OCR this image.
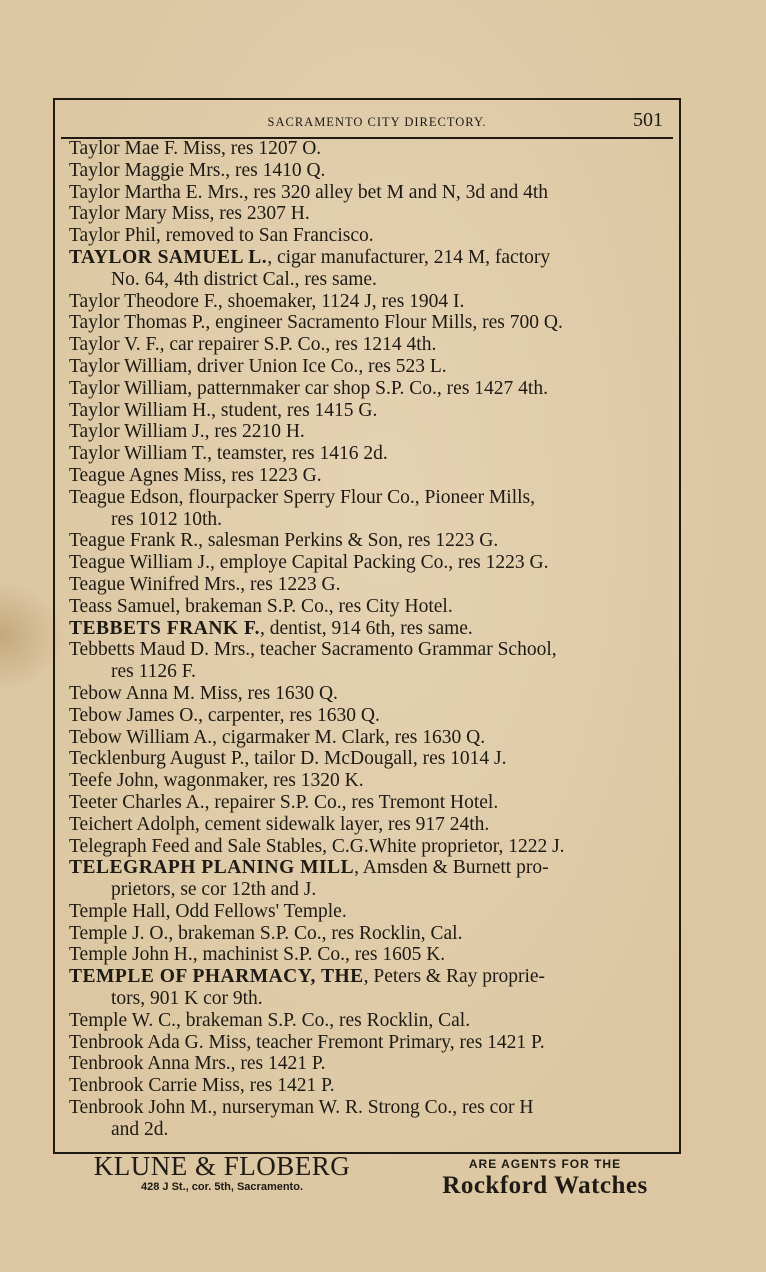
SACRAMENTO CITY DIRECTORY.	501
Taylor Mae F. Miss, res 1207 O.
Taylor Maggie Mrs., res 1410 Q.
Taylor Martha E. Mrs., res 320 alley bet M and N, 3d and 4th
Taylor Mary Miss, res 2307 H.
Taylor Phil, removed to San Francisco.
TAYLOR SAMUEL L., cigar manufacturer, 214 M, factory
No. 64, 4th district Cal., res same.
Taylor Theodore F., shoemaker, 1124 J, res 1904 I.
Taylor Thomas P., engineer Sacramento Flour Mills, res 700 Q.
Taylor V. F., car repairer S.P. Co., res 1214 4th.
Taylor William, driver Union Ice Co., res 523 L.
Taylor William, patternmaker car shop S.P. Co., res 1427 4th.
Taylor William H., student, res 1415 G.
Taylor William J., res 2210 H.
Taylor William T., teamster, res 1416 2d.
Teague Agnes Miss, res 1223 G.
Teague Edson, flourpacker Sperry Flour Co., Pioneer Mills,
res 1012 10th.
Teague Frank R., salesman Perkins & Son, res 1223 G.
Teague William J., employe Capital Packing Co., res 1223 G.
Teague Winifred Mrs., res 1223 G.
Teass Samuel, brakeman S.P. Co., res City Hotel.
TEBBETS FRANK F., dentist, 914 6th, res same.
Tebbetts Maud D. Mrs., teacher Sacramento Grammar School,
res 1126 F.
Tebow Anna M. Miss, res 1630 Q.
Tebow James O., carpenter, res 1630 Q.
Tebow William A., cigarmaker M. Clark, res 1630 Q.
Tecklenburg August P., tailor D. McDougall, res 1014 J.
Teefe John, wagonmaker, res 1320 K.
Teeter Charles A., repairer S.P. Co., res Tremont Hotel.
Teichert Adolph, cement sidewalk layer, res 917 24th.
Telegraph Feed and Sale Stables, C.G.White proprietor, 1222 J.
TELEGRAPH PLANING MILL, Amsden & Burnett pro-
prietors, se cor 12th and J.
Temple Hall, Odd Fellows' Temple.
Temple J. O., brakeman S.P. Co., res Rocklin, Cal.
Temple John H., machinist S.P. Co., res 1605 K.
TEMPLE OF PHARMACY, THE, Peters & Ray proprie-
tors, 901 K cor 9th.
Temple W. C., brakeman S.P. Co., res Rocklin, Cal.
Tenbrook Ada G. Miss, teacher Fremont Primary, res 1421 P.
Tenbrook Anna Mrs., res 1421 P.
Tenbrook Carrie Miss, res 1421 P.
Tenbrook John M., nurseryman W. R. Strong Co., res cor H
and 2d.
KLUNE & FLOBERG
428 J St., cor. 5th, Sacramento.
ARE AGENTS FOR THE
Rockford Watches
